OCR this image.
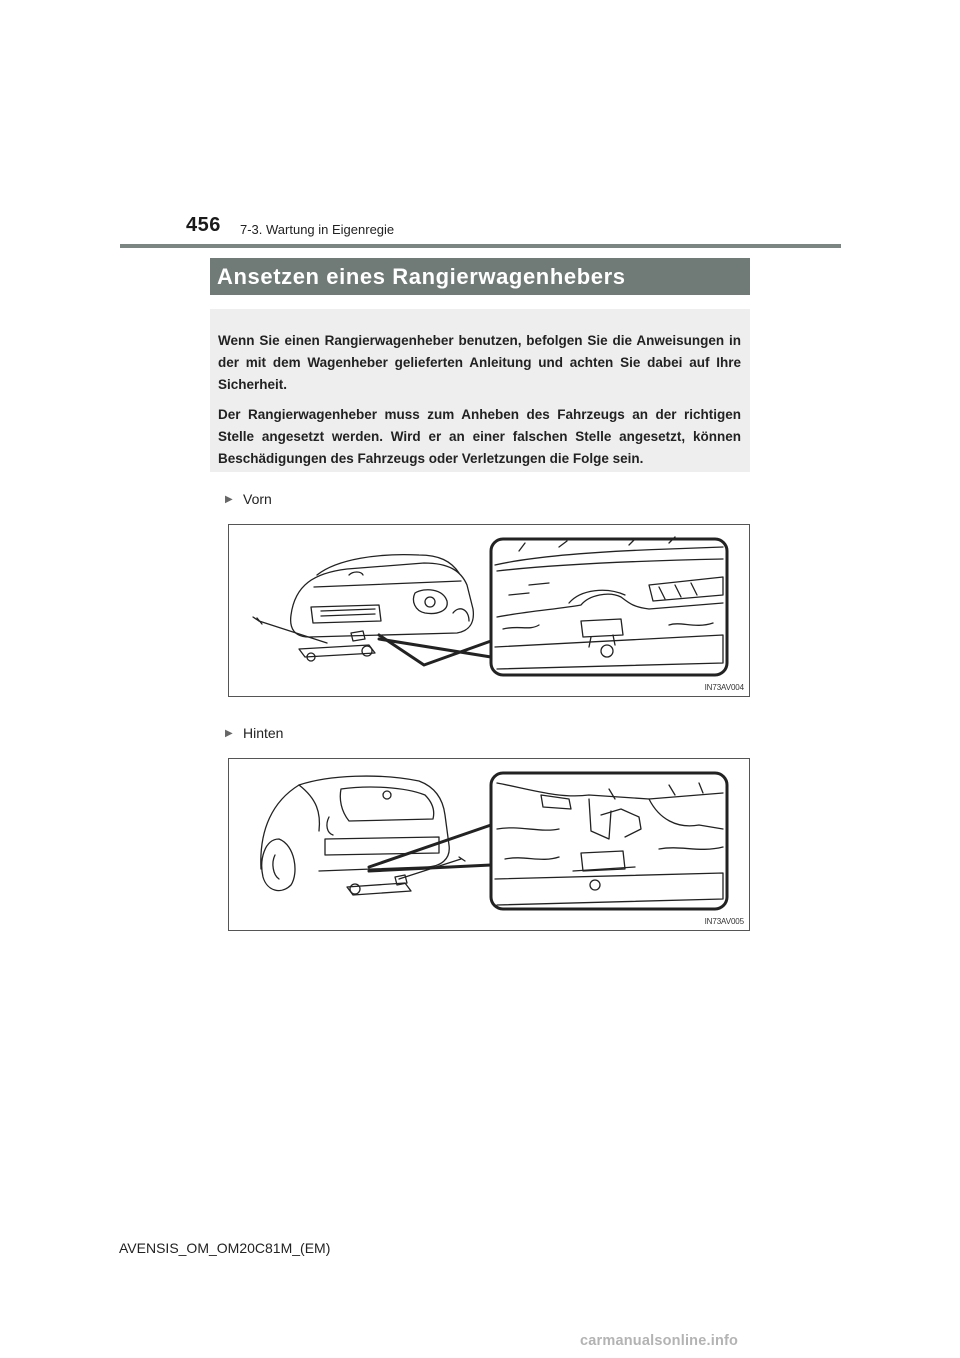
456 7-3. Wartung in Eigenregie
Ansetzen eines Rangierwagenhebers

Wenn Sie einen Rangierwagenheber benutzen, befolgen Sie die Anweisungen in der mit dem Wagenheber gelieferten Anleitung und achten Sie dabei auf Ihre Sicherheit.

Der Rangierwagenheber muss zum Anheben des Fahrzeugs an der richtigen Stelle angesetzt werden. Wird er an einer falschen Stelle angesetzt, können Beschädigungen des Fahrzeugs oder Verletzungen die Folge sein.

▶ Vorn
IN73AV004
▶ Hinten
IN73AV005
AVENSIS_OM_OM20C81M_(EM)
carmanualsonline.info
